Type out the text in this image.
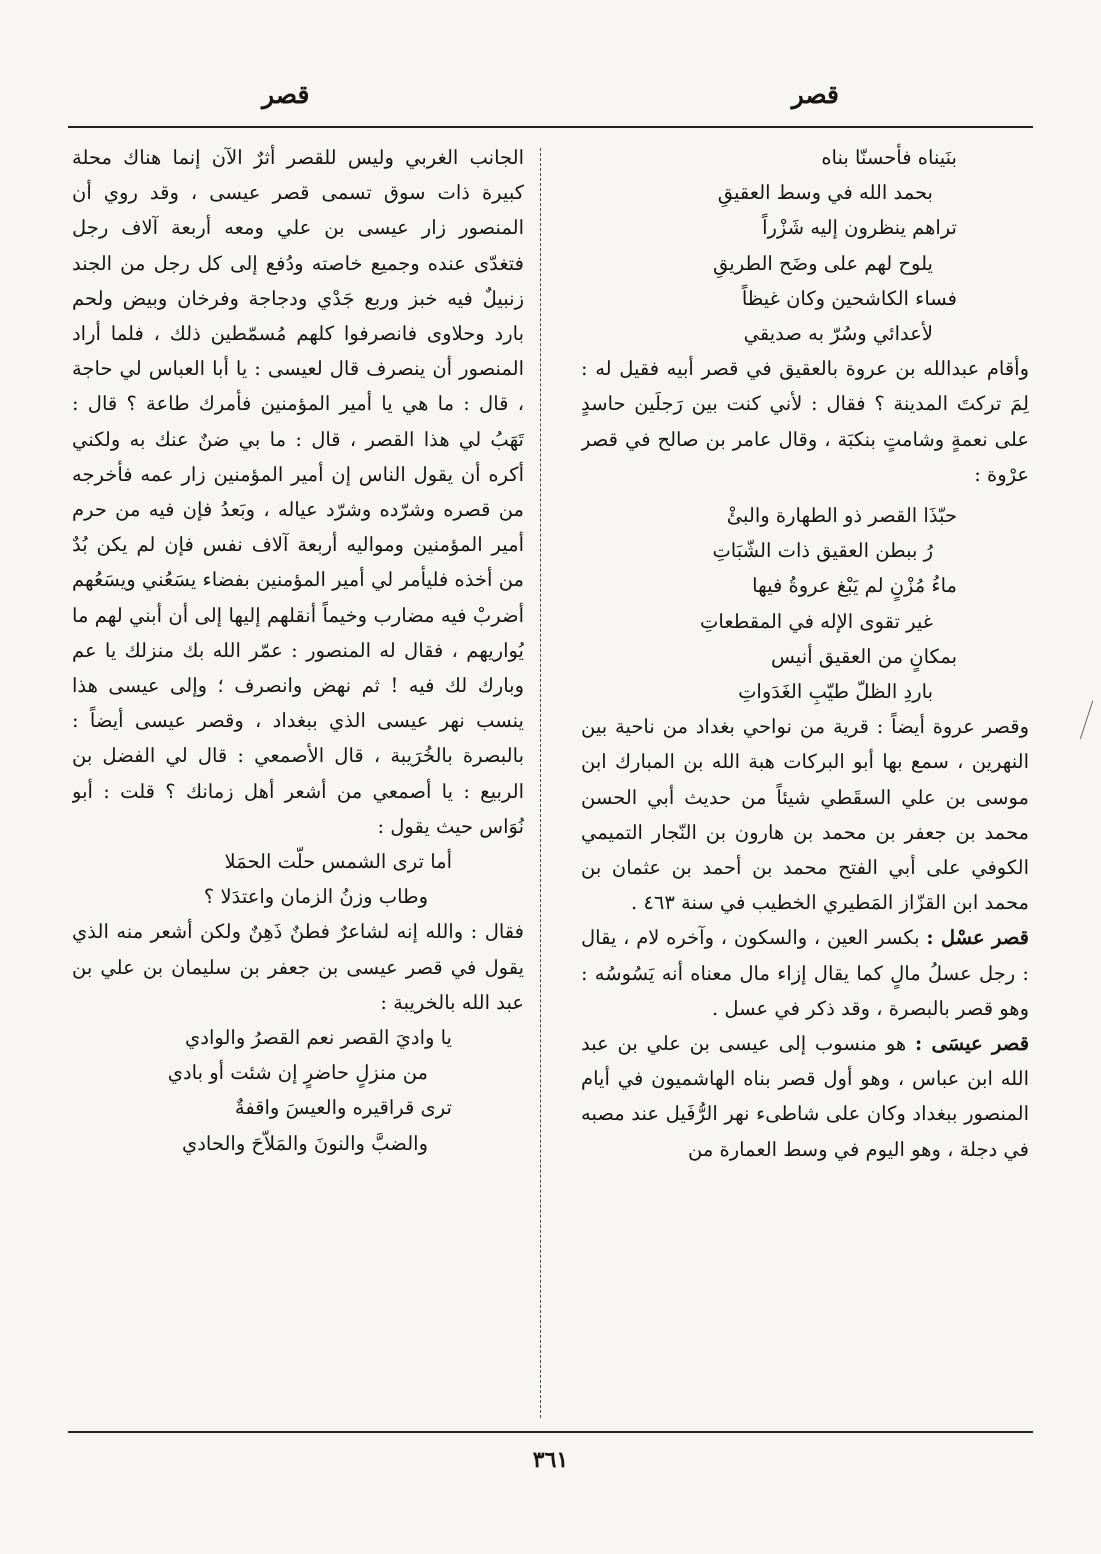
قصر
قصر
بنَيناه فأحسنّا بناه
بحمد الله في وسط العقيقِ
تراهم ينظرون إليه شَزْراً
يلوح لهم على وضَح الطريقِ
فساء الكاشحين وكان غيظاً
لأعدائي وسُرّ به صديقي

وأقام عبدالله بن عروة بالعقيق في قصر أبيه فقيل له : لِمَ تركتَ المدينة ؟ فقال : لأني كنت بين رَجلَين حاسدٍ على نعمةٍ وشامتٍ بنكبَة ، وقال عامر بن صالح في قصر عرْوة :

حبّذَا القصر ذو الطهارة والبئْ
رُ ببطن العقيق ذات الشّبَاتِ
ماءُ مُزْنٍ لم يَبْغ عروةُ فيها
غير تقوى الإله في المقطعاتِ
بمكانٍ من العقيق أنيس
باردِ الظلّ طيّبِ الغَدَواتِ

وقصر عروة أيضاً : قرية من نواحي بغداد من ناحية بين النهرين ، سمع بها أبو البركات هبة الله بن المبارك ابن موسى بن علي السقَطي شيئاً من حديث أبي الحسن محمد بن جعفر بن محمد بن هارون بن النّجار التميمي الكوفي على أبي الفتح محمد بن أحمد بن عثمان بن محمد ابن القزّاز المَطيري الخطيب في سنة ٤٦٣ .

قصر عسْل : بكسر العين ، والسكون ، وآخره لام ، يقال : رجل عسلُ مالٍ كما يقال إزاء مال معناه أنه يَسُوسُه : وهو قصر بالبصرة ، وقد ذكر في عسل .

قصر عيسَى : هو منسوب إلى عيسى بن علي بن عبد الله ابن عباس ، وهو أول قصر بناه الهاشميون في أيام المنصور ببغداد وكان على شاطىء نهر الرُّفَيل عند مصبه في دجلة ، وهو اليوم في وسط العمارة من

الجانب الغربي وليس للقصر أثرٌ الآن إنما هناك محلة كبيرة ذات سوق تسمى قصر عيسى ، وقد روي أن المنصور زار عيسى بن علي ومعه أربعة آلاف رجل فتغدّى عنده وجميع خاصته ودُفع إلى كل رجل من الجند زنبيلٌ فيه خبز وربع جَدْي ودجاجة وفرخان وبيض ولحم بارد وحلاوى فانصرفوا كلهم مُسمّطين ذلك ، فلما أراد المنصور أن ينصرف قال لعيسى : يا أبا العباس لي حاجة ، قال : ما هي يا أمير المؤمنين فأمرك طاعة ؟ قال : تَهَبُ لي هذا القصر ، قال : ما بي ضنٌ عنك به ولكني أكره أن يقول الناس إن أمير المؤمنين زار عمه فأخرجه من قصره وشرّده وشرّد عياله ، وبَعدُ فإن فيه من حرم أمير المؤمنين ومواليه أربعة آلاف نفس فإن لم يكن بُدٌ من أخذه فليأمر لي أمير المؤمنين بفضاء يسَعُني ويسَعُهم أضربْ فيه مضارب وخيماً أنقلهم إليها إلى أن أبني لهم ما يُواريهم ، فقال له المنصور : عمّر الله بك منزلك يا عم وبارك لك فيه ! ثم نهض وانصرف ؛ وإلى عيسى هذا ينسب نهر عيسى الذي ببغداد ، وقصر عيسى أيضاً : بالبصرة بالخُرَيبة ، قال الأصمعي : قال لي الفضل بن الربيع : يا أصمعي من أشعر أهل زمانك ؟ قلت : أبو نُوَاس حيث يقول :

أما ترى الشمس حلّت الحمَلا
وطاب وزنُ الزمان واعتدَلا ؟

فقال : والله إنه لشاعرٌ فطنٌ ذَهِنٌ ولكن أشعر منه الذي يقول في قصر عيسى بن جعفر بن سليمان بن علي بن عبد الله بالخريبة :

يا واديَ القصر نعم القصرُ والوادي
من منزلٍ حاضرٍ إن شئت أو بادي
ترى قراقيره والعيسَ واقفةٌ
والضبَّ والنونَ والمَلاّحَ والحادي
٣٦١
